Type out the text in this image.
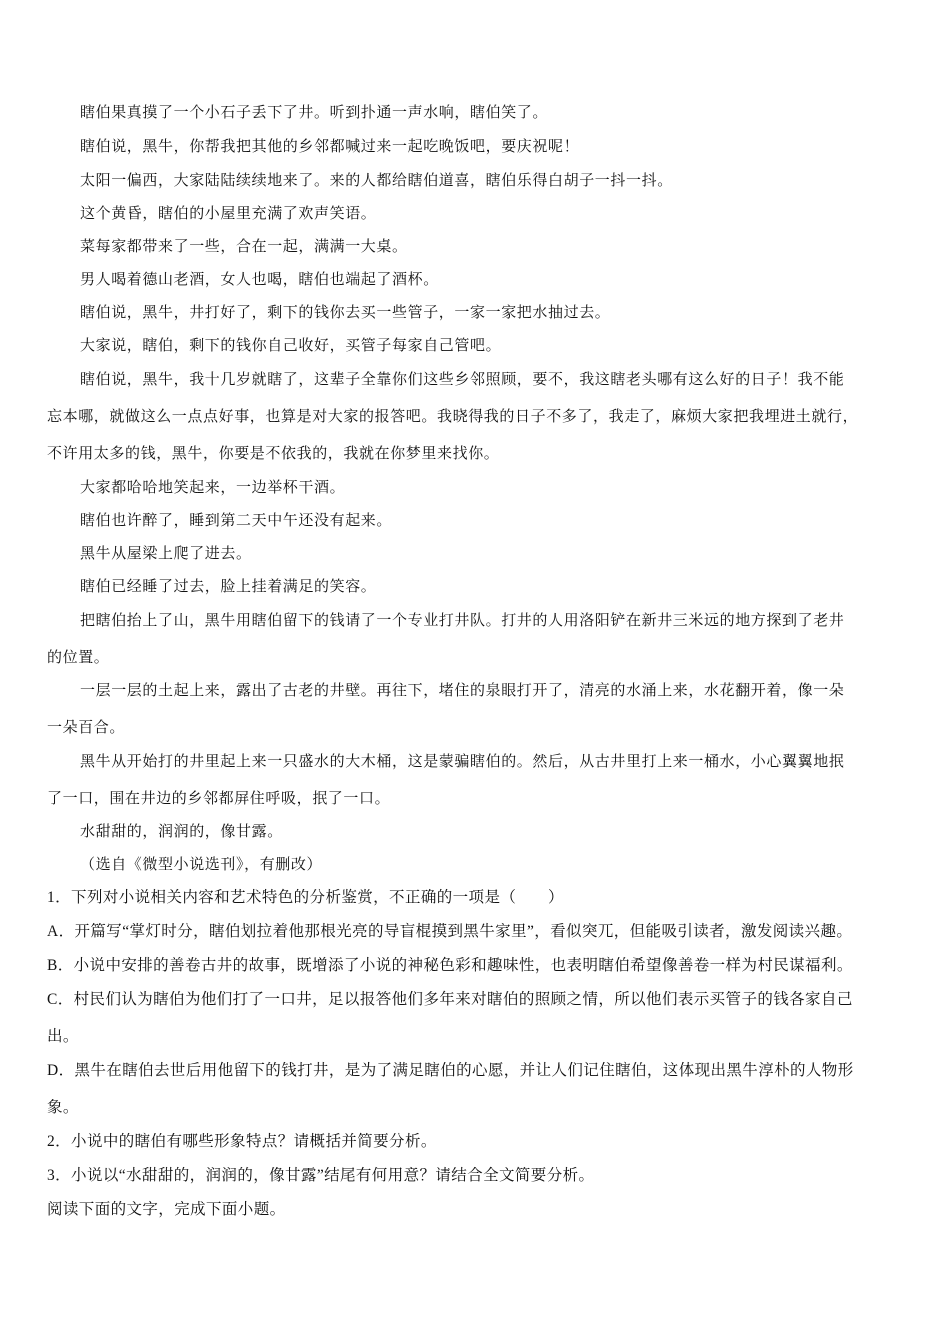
瞎伯果真摸了一个小石子丢下了井。听到扑通一声水响，瞎伯笑了。
瞎伯说，黑牛，你帮我把其他的乡邻都喊过来一起吃晚饭吧，要庆祝呢！
太阳一偏西，大家陆陆续续地来了。来的人都给瞎伯道喜，瞎伯乐得白胡子一抖一抖。
这个黄昏，瞎伯的小屋里充满了欢声笑语。
菜每家都带来了一些，合在一起，满满一大桌。
男人喝着德山老酒，女人也喝，瞎伯也端起了酒杯。
瞎伯说，黑牛，井打好了，剩下的钱你去买一些管子，一家一家把水抽过去。
大家说，瞎伯，剩下的钱你自己收好，买管子每家自己管吧。
瞎伯说，黑牛，我十几岁就瞎了，这辈子全靠你们这些乡邻照顾，要不，我这瞎老头哪有这么好的日子！我不能
忘本哪，就做这么一点点好事，也算是对大家的报答吧。我晓得我的日子不多了，我走了，麻烦大家把我埋进土就行，
不许用太多的钱，黑牛，你要是不依我的，我就在你梦里来找你。
大家都哈哈地笑起来，一边举杯干酒。
瞎伯也许醉了，睡到第二天中午还没有起来。
黑牛从屋梁上爬了进去。
瞎伯已经睡了过去，脸上挂着满足的笑容。
把瞎伯抬上了山，黑牛用瞎伯留下的钱请了一个专业打井队。打井的人用洛阳铲在新井三米远的地方探到了老井
的位置。
一层一层的土起上来，露出了古老的井壁。再往下，堵住的泉眼打开了，清亮的水涌上来，水花翻开着，像一朵
一朵百合。
黑牛从开始打的井里起上来一只盛水的大木桶，这是蒙骗瞎伯的。然后，从古井里打上来一桶水，小心翼翼地抿
了一口，围在井边的乡邻都屏住呼吸，抿了一口。
水甜甜的，润润的，像甘露。
（选自《微型小说选刊》，有删改）
1．下列对小说相关内容和艺术特色的分析鉴赏，不正确的一项是（　　）
A．开篇写“掌灯时分，瞎伯划拉着他那根光亮的导盲棍摸到黑牛家里”，看似突兀，但能吸引读者，激发阅读兴趣。
B．小说中安排的善卷古井的故事，既增添了小说的神秘色彩和趣味性，也表明瞎伯希望像善卷一样为村民谋福利。
C．村民们认为瞎伯为他们打了一口井，足以报答他们多年来对瞎伯的照顾之情，所以他们表示买管子的钱各家自己
出。
D．黑牛在瞎伯去世后用他留下的钱打井，是为了满足瞎伯的心愿，并让人们记住瞎伯，这体现出黑牛淳朴的人物形
象。
2．小说中的瞎伯有哪些形象特点？请概括并简要分析。
3．小说以“水甜甜的，润润的，像甘露”结尾有何用意？请结合全文简要分析。
阅读下面的文字，完成下面小题。
